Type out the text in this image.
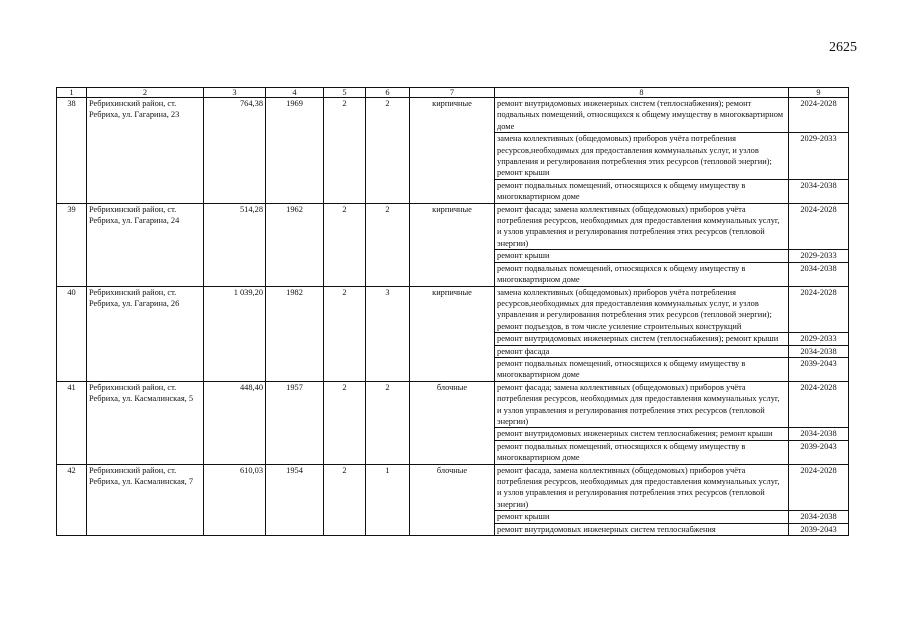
2625
1	2	3	4	5	6	7	8	9
38	Ребрихинский район, ст. Ребриха, ул. Гагарина, 23	764,38	1969	2	2	кирпичные	ремонт внутридомовых инженерных систем (теплоснабжения); ремонт подвальных помещений, относящихся к общему имуществу в многоквартирном доме	2024-2028
							замена коллективных (общедомовых) приборов учёта потребления ресурсов,необходимых для предоставления коммунальных услуг, и узлов управления и регулирования потребления этих ресурсов (тепловой энергии); ремонт крыши	2029-2033
							ремонт подвальных помещений, относящихся к общему имуществу в многоквартирном доме	2034-2038
39	Ребрихинский район, ст. Ребриха, ул. Гагарина, 24	514,28	1962	2	2	кирпичные	ремонт фасада; замена коллективных (общедомовых) приборов учёта потребления ресурсов, необходимых для предоставления коммунальных услуг, и узлов управления и регулирования потребления этих ресурсов (тепловой энергии)	2024-2028
							ремонт крыши	2029-2033
							ремонт подвальных помещений, относящихся к общему имуществу в многоквартирном доме	2034-2038
40	Ребрихинский район, ст. Ребриха, ул. Гагарина, 26	1 039,20	1982	2	3	кирпичные	замена коллективных (общедомовых) приборов учёта потребления ресурсов,необходимых для предоставления коммунальных услуг, и узлов управления и регулирования потребления этих ресурсов (тепловой энергии); ремонт подъездов, в том числе усиление строительных конструкций	2024-2028
							ремонт внутридомовых инженерных систем (теплоснабжения); ремонт крыши	2029-2033
							ремонт фасада	2034-2038
							ремонт подвальных помещений, относящихся к общему имуществу в многоквартирном доме	2039-2043
41	Ребрихинский район, ст. Ребриха, ул. Касмалинская, 5	448,40	1957	2	2	блочные	ремонт фасада; замена коллективных (общедомовых) приборов учёта потребления ресурсов, необходимых для предоставления коммунальных услуг, и узлов управления и регулирования потребления этих ресурсов (тепловой энергии)	2024-2028
							ремонт внутридомовых инженерных систем теплоснабжения; ремонт крыши	2034-2038
							ремонт подвальных помещений, относящихся к общему имуществу в многоквартирном доме	2039-2043
42	Ребрихинский район, ст. Ребриха, ул. Касмалинская, 7	610,03	1954	2	1	блочные	ремонт фасада, замена коллективных (общедомовых) приборов учёта потребления ресурсов, необходимых для предоставления коммунальных услуг, и узлов управления и регулирования потребления этих ресурсов (тепловой энергии)	2024-2028
							ремонт крыши	2034-2038
							ремонт внутридомовых инженерных систем теплоснабжения	2039-2043
